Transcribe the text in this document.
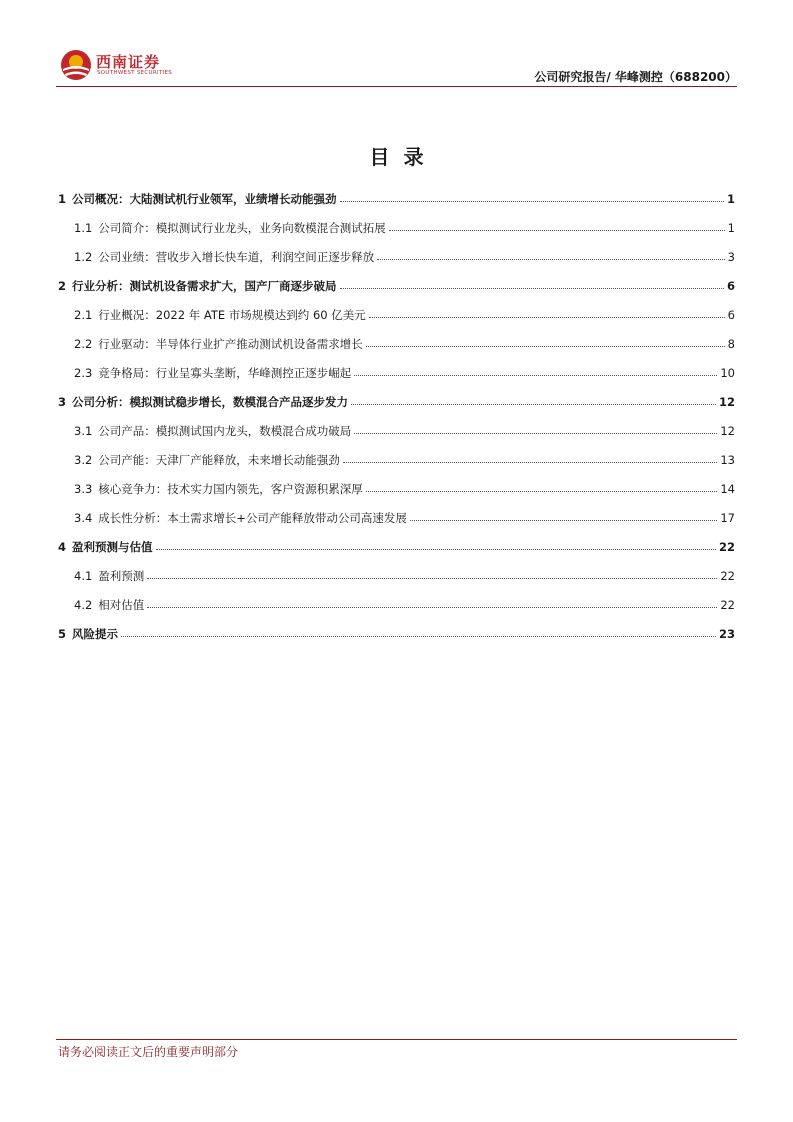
西南证券
SOUTHWEST SECURITIES	公司研究报告/ 华峰测控（688200）
目录
1 公司概况：大陆测试机行业领军，业绩增长动能强劲	1
1.1 公司简介：模拟测试行业龙头，业务向数模混合测试拓展	1
1.2 公司业绩：营收步入增长快车道，利润空间正逐步释放	3
2 行业分析：测试机设备需求扩大，国产厂商逐步破局	6
2.1 行业概况：2022 年 ATE 市场规模达到约 60 亿美元	6
2.2 行业驱动：半导体行业扩产推动测试机设备需求增长	8
2.3 竞争格局：行业呈寡头垄断，华峰测控正逐步崛起	10
3 公司分析：模拟测试稳步增长，数模混合产品逐步发力	12
3.1 公司产品：模拟测试国内龙头，数模混合成功破局	12
3.2 公司产能：天津厂产能释放，未来增长动能强劲	13
3.3 核心竞争力：技术实力国内领先，客户资源积累深厚	14
3.4 成长性分析：本土需求增长+公司产能释放带动公司高速发展	17
4 盈利预测与估值	22
4.1 盈利预测	22
4.2 相对估值	22
5 风险提示	23
请务必阅读正文后的重要声明部分
